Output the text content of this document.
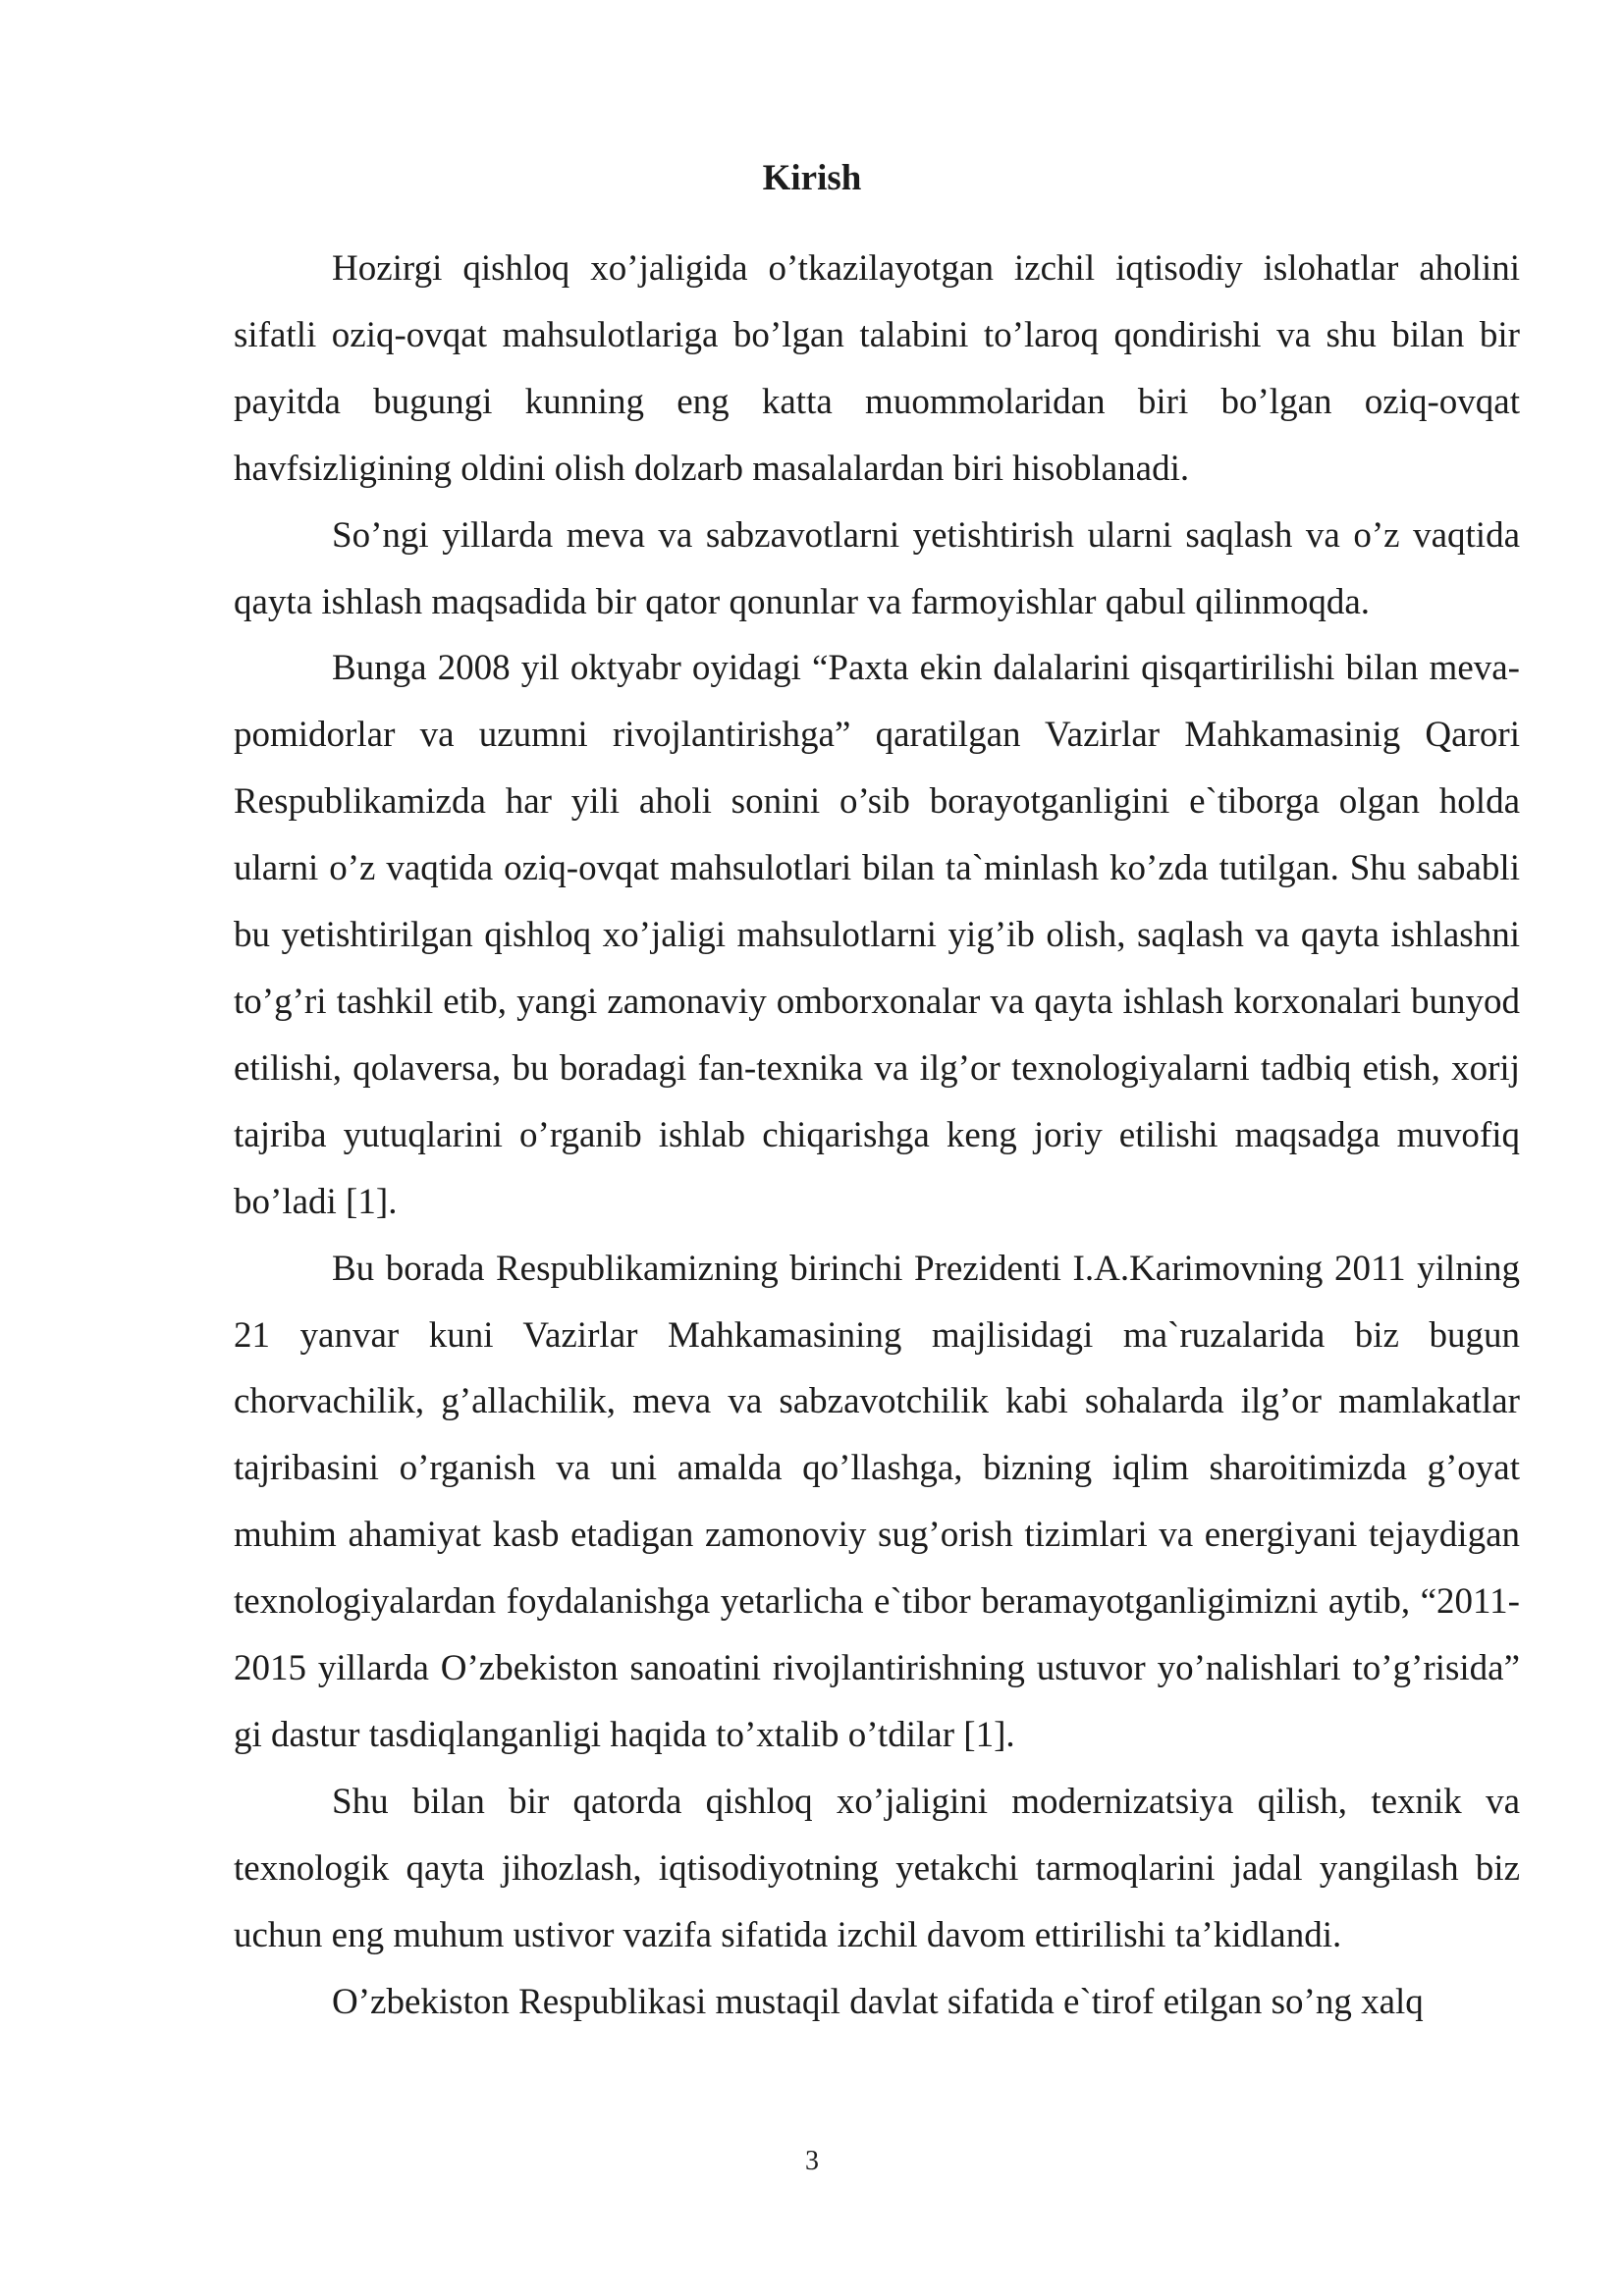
Kirish

Hozirgi qishloq xo’jaligida o’tkazilayotgan izchil iqtisodiy islohatlar aholini sifatli oziq-ovqat mahsulotlariga bo’lgan talabini to’laroq qondirishi va shu bilan bir payitda bugungi kunning eng katta muommolaridan biri bo’lgan oziq-ovqat havfsizligining oldini olish dolzarb masalalardan biri hisoblanadi.

So’ngi yillarda meva va sabzavotlarni yetishtirish ularni saqlash va o’z vaqtida qayta ishlash maqsadida bir qator qonunlar va farmoyishlar qabul qilinmoqda.

Bunga 2008 yil oktyabr oyidagi “Paxta ekin dalalarini qisqartirilishi bilan meva-pomidorlar va uzumni rivojlantirishga” qaratilgan Vazirlar Mahkamasinig Qarori Respublikamizda har yili aholi sonini o’sib borayotganligini e`tiborga olgan holda ularni o’z vaqtida oziq-ovqat mahsulotlari bilan ta`minlash ko’zda tutilgan. Shu sababli bu yetishtirilgan qishloq xo’jaligi mahsulotlarni yig’ib olish, saqlash va qayta ishlashni to’g’ri tashkil etib, yangi zamonaviy omborxonalar va qayta ishlash korxonalari bunyod etilishi, qolaversa, bu boradagi fan-texnika va ilg’or texnologiyalarni tadbiq etish, xorij tajriba yutuqlarini o’rganib ishlab chiqarishga keng joriy etilishi maqsadga muvofiq bo’ladi [1].

Bu borada Respublikamizning birinchi Prezidenti I.A.Karimovning 2011 yilning 21 yanvar kuni Vazirlar Mahkamasining majlisidagi ma`ruzalarida biz bugun chorvachilik, g’allachilik, meva va sabzavotchilik kabi sohalarda ilg’or mamlakatlar tajribasini o’rganish va uni amalda qo’llashga, bizning iqlim sharoitimizda g’oyat muhim ahamiyat kasb etadigan zamonoviy sug’orish tizimlari va energiyani tejaydigan texnologiyalardan foydalanishga yetarlicha e`tibor beramayotganligimizni aytib, “2011-2015 yillarda O’zbekiston sanoatini rivojlantirishning ustuvor yo’nalishlari to’g’risida” gi dastur tasdiqlanganligi haqida to’xtalib o’tdilar [1].

Shu bilan bir qatorda qishloq xo’jaligini modernizatsiya qilish, texnik va texnologik qayta jihozlash, iqtisodiyotning yetakchi tarmoqlarini jadal yangilash biz uchun eng muhum ustivor vazifa sifatida izchil davom ettirilishi ta’kidlandi.

O’zbekiston Respublikasi mustaqil davlat sifatida e`tirof etilgan so’ng xalq

3
